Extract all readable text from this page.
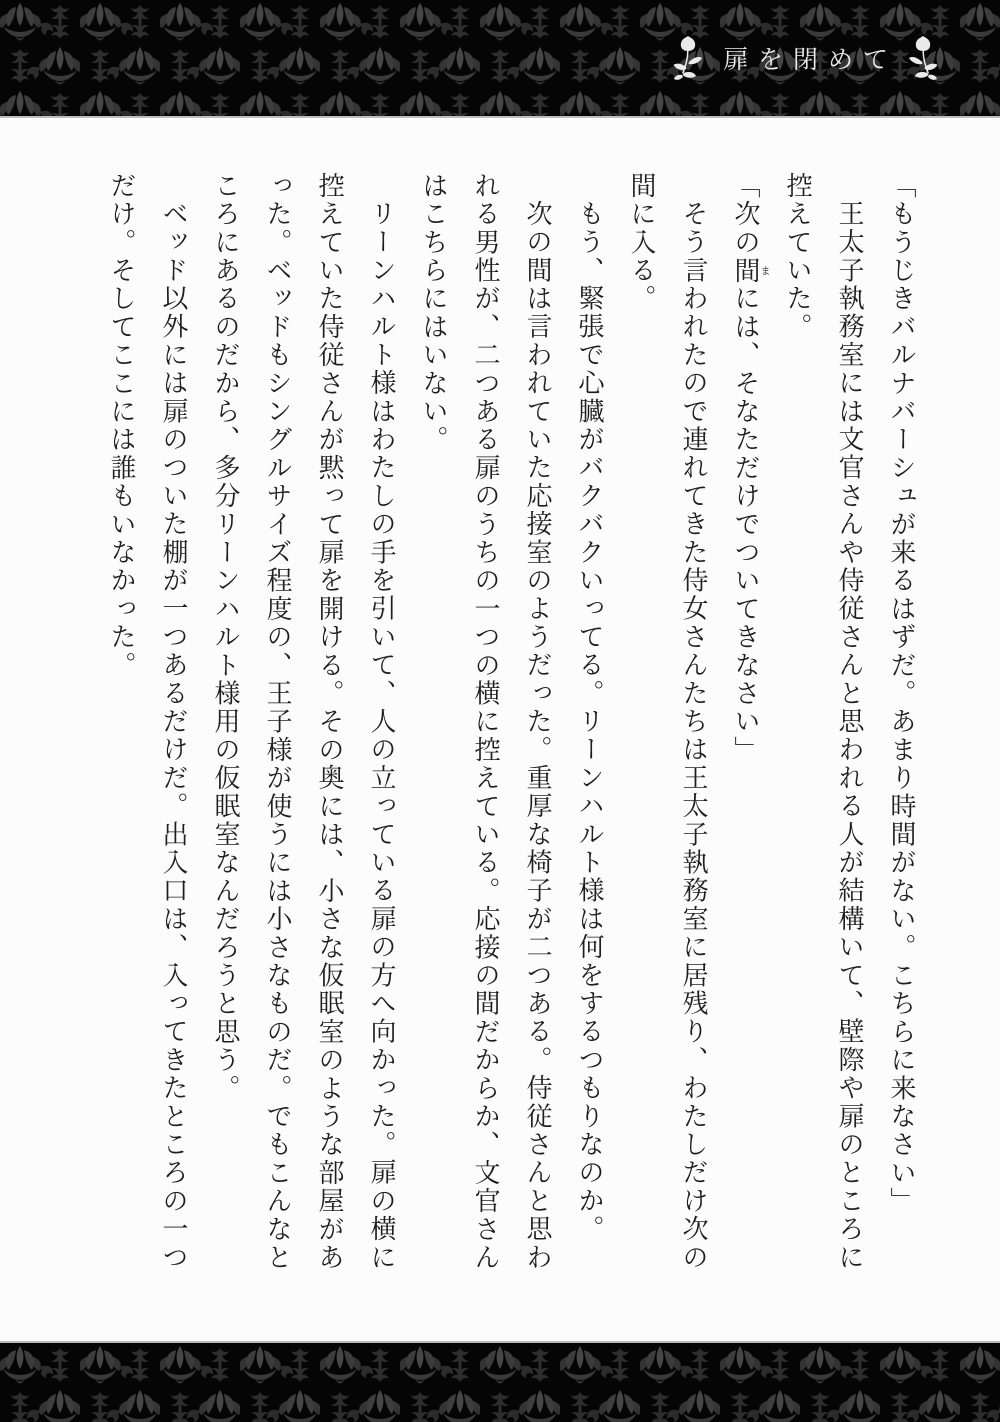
扉を閉めて

「もうじきバルナバーシュが来るはずだ。あまり時間がない。こちらに来なさい」

王太子執務室には文官さんや侍従さんと思われる人が結構いて、壁際や扉のところに控えていた。

「次の間まには、そなただけでついてきなさい」

そう言われたので連れてきた侍女さんたちは王太子執務室に居残り、わたしだけ次の間に入る。

もう、緊張で心臓がバクバクいってる。リーンハルト様は何をするつもりなのか。

次の間は言われていた応接室のようだった。重厚な椅子が二つある。侍従さんと思われる男性が、二つある扉のうちの一つの横に控えている。応接の間だからか、文官さんはこちらにはいない。

リーンハルト様はわたしの手を引いて、人の立っている扉の方へ向かった。扉の横に控えていた侍従さんが黙って扉を開ける。その奥には、小さな仮眠室のような部屋があった。ベッドもシングルサイズ程度の、王子様が使うには小さなものだ。でもこんなところにあるのだから、多分リーンハルト様用の仮眠室なんだろうと思う。

ベッド以外には扉のついた棚が一つあるだけだ。出入口は、入ってきたところの一つだけ。そしてここには誰もいなかった。
